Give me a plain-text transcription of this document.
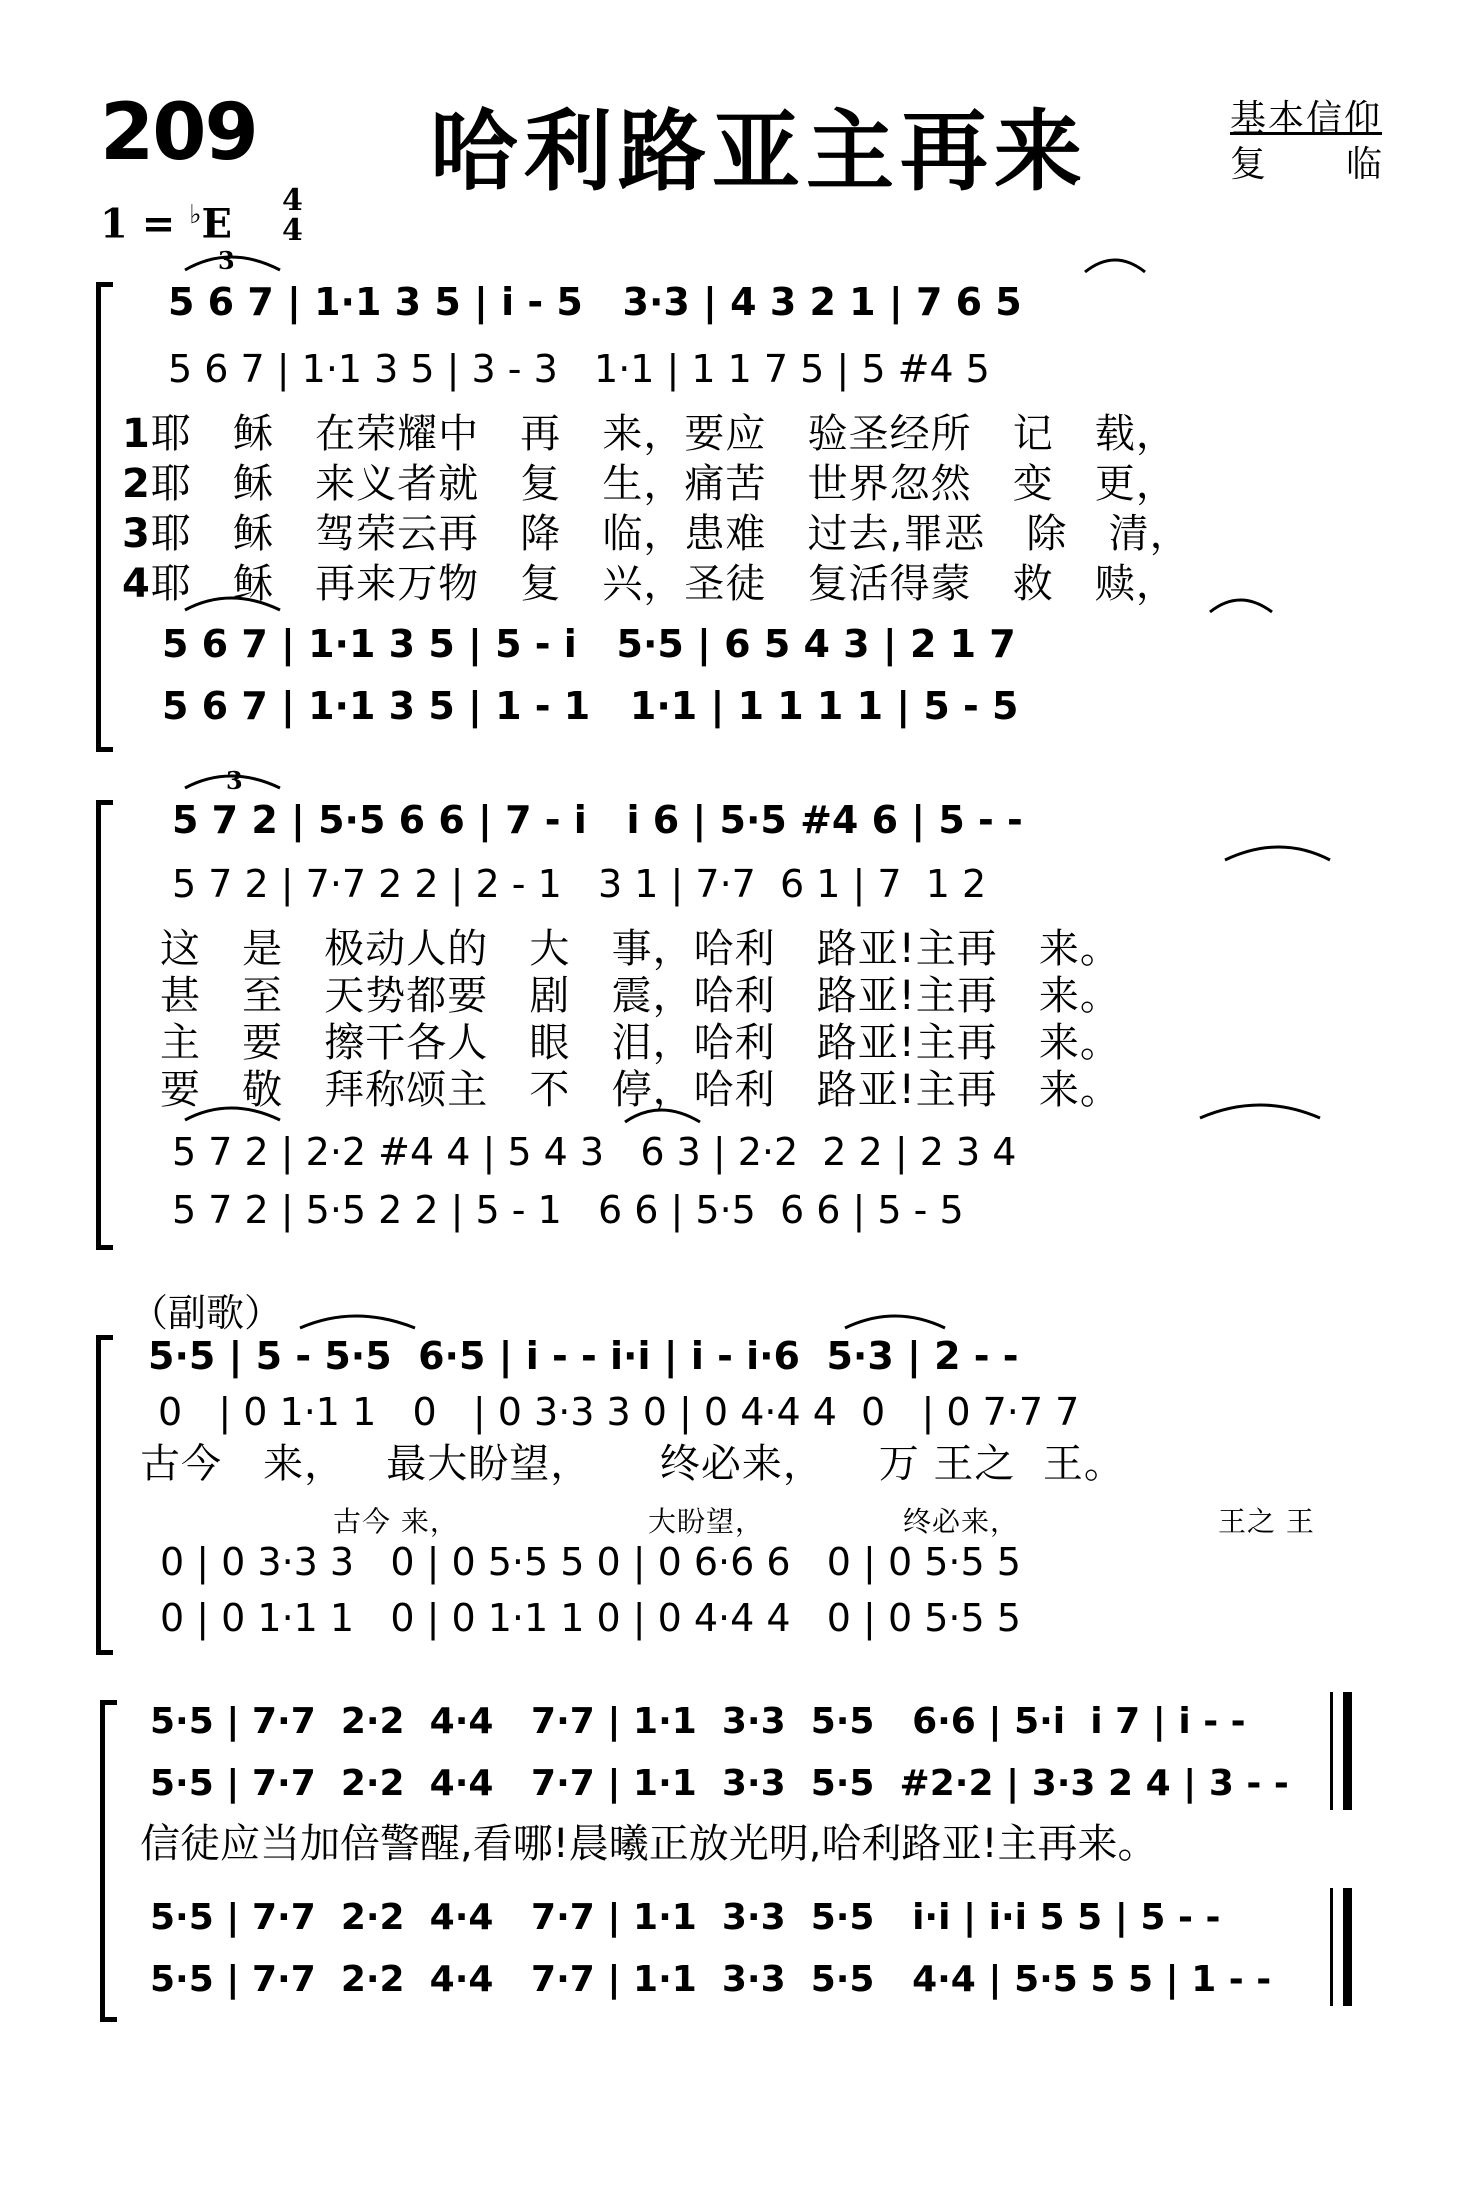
209 哈利路亚主再来	基本信仰
复 临
1 = ♭E 4
4
3
5 6 7 | 1·1 3 5 | i - 5   3·3 | 4 3 2 1 | 7 6 5
5 6 7 | 1·1 3 5 | 3 - 3   1·1 | 1 1 7 5 | 5 #4 5
1耶   稣   在荣耀中   再   来，要应   验圣经所   记   载，
2耶   稣   来义者就   复   生，痛苦   世界忽然   变   更，
3耶   稣   驾荣云再   降   临，患难   过去,罪恶   除   清，
4耶   稣   再来万物   复   兴，圣徒   复活得蒙   救   赎，
5 6 7 | 1·1 3 5 | 5 - i   5·5 | 6 5 4 3 | 2 1 7
5 6 7 | 1·1 3 5 | 1 - 1   1·1 | 1 1 1 1 | 5 - 5
3
5 7 2 | 5·5 6 6 | 7 - i   i 6 | 5·5 #4 6 | 5 - -
5 7 2 | 7·7 2 2 | 2 - 1   3 1 | 7·7  6 1 | 7  1 2
这   是   极动人的   大   事，哈利   路亚!主再   来。
甚   至   天势都要   剧   震，哈利   路亚!主再   来。
主   要   擦干各人   眼   泪，哈利   路亚!主再   来。
要   敬   拜称颂主   不   停，哈利   路亚!主再   来。
5 7 2 | 2·2 #4 4 | 5 4 3   6 3 | 2·2  2 2 | 2 3 4
5 7 2 | 5·5 2 2 | 5 - 1   6 6 | 5·5  6 6 | 5 - 5
（副歌）
5·5 | 5 - 5·5  6·5 | i - - i·i | i - i·6  5·3 | 2 - -
0   | 0 1·1 1   0   | 0 3·3 3 0 | 0 4·4 4  0   | 0 7·7 7
古今   来，   最大盼望，     终必来，    万 王之  王。
古今 来，	大盼望，	终必来，	王之 王
0 | 0 3·3 3   0 | 0 5·5 5 0 | 0 6·6 6   0 | 0 5·5 5
0 | 0 1·1 1   0 | 0 1·1 1 0 | 0 4·4 4   0 | 0 5·5 5
5·5 | 7·7  2·2  4·4   7·7 | 1·1  3·3  5·5   6·6 | 5·i  i 7 | i - -
5·5 | 7·7  2·2  4·4   7·7 | 1·1  3·3  5·5  #2·2 | 3·3 2 4 | 3 - -
信徒应当加倍警醒,看哪!晨曦正放光明,哈利路亚!主再来。
5·5 | 7·7  2·2  4·4   7·7 | 1·1  3·3  5·5   i·i | i·i 5 5 | 5 - -
5·5 | 7·7  2·2  4·4   7·7 | 1·1  3·3  5·5   4·4 | 5·5 5 5 | 1 - -
